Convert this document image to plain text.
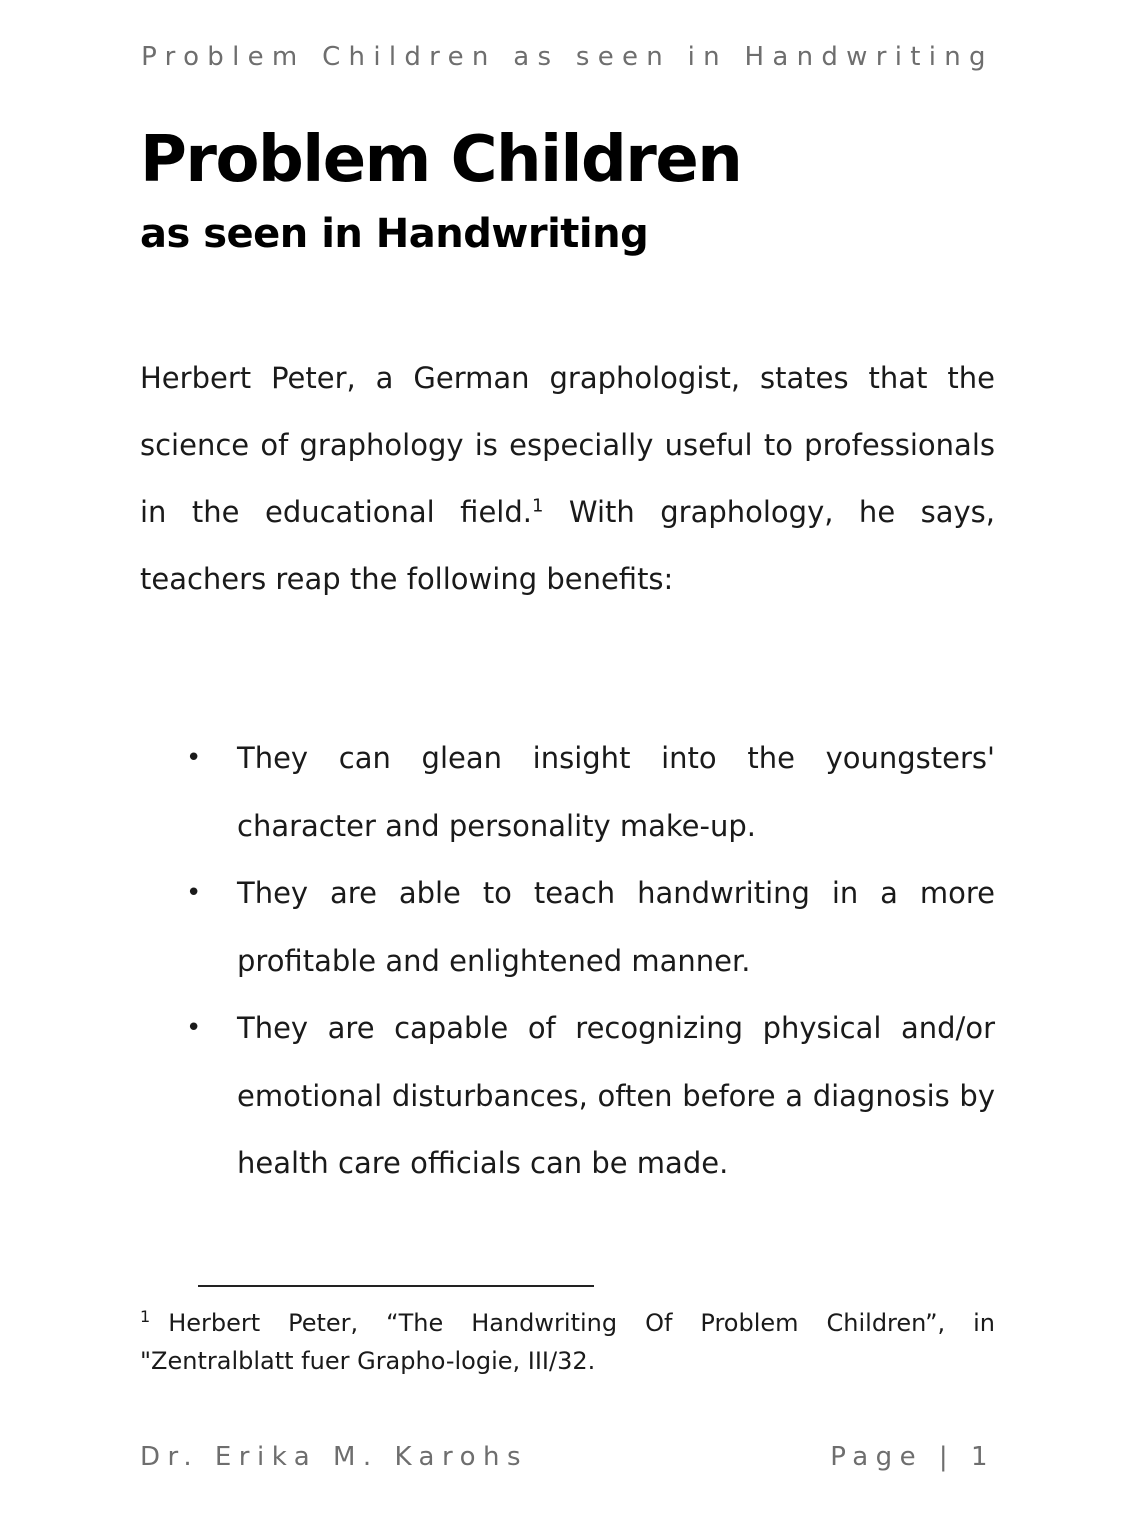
Problem Children as seen in Handwriting
Problem Children
as seen in Handwriting

Herbert Peter, a German graphologist, states that the science of graphology is especially useful to professionals in the educational field.$^1$ With graphology, he says, teachers reap the following benefits:

• They can glean insight into the youngsters' character and personality make-up.
• They are able to teach handwriting in a more profitable and enlightened manner.
• They are capable of recognizing physical and/or emotional disturbances, often before a diagnosis by health care officials can be made.

$^1$ Herbert Peter, “The Handwriting Of Problem Children”, in "Zentralblatt fuer Grapho-logie, III/32.

Dr. Erika M. Karohs	Page | 1
